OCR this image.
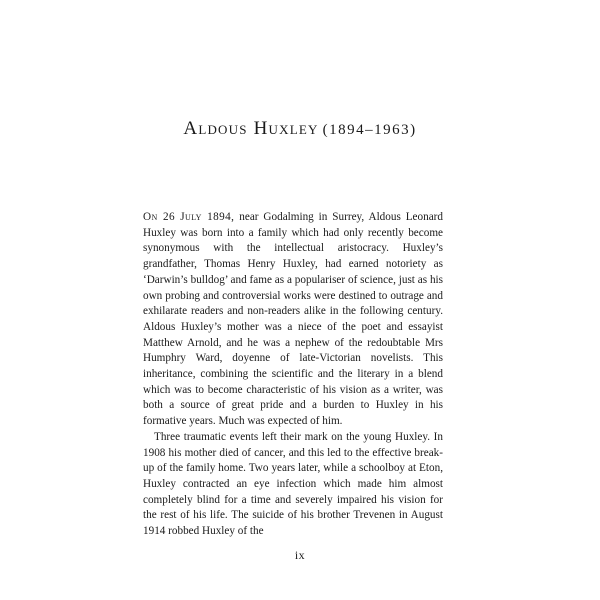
Aldous Huxley (1894–1963)

On 26 July 1894, near Godalming in Surrey, Aldous Leonard Huxley was born into a family which had only recently become synonymous with the intellectual aristocracy. Huxley’s grandfather, Thomas Henry Huxley, had earned notoriety as ‘Darwin’s bulldog’ and fame as a populariser of science, just as his own probing and controversial works were destined to outrage and exhilarate readers and non-readers alike in the following century. Aldous Huxley’s mother was a niece of the poet and essayist Matthew Arnold, and he was a nephew of the redoubtable Mrs Humphry Ward, doyenne of late-Victorian novelists. This inheritance, combining the scientific and the literary in a blend which was to become characteristic of his vision as a writer, was both a source of great pride and a burden to Huxley in his formative years. Much was expected of him.

Three traumatic events left their mark on the young Huxley. In 1908 his mother died of cancer, and this led to the effective break-up of the family home. Two years later, while a schoolboy at Eton, Huxley contracted an eye infection which made him almost completely blind for a time and severely impaired his vision for the rest of his life. The suicide of his brother Trevenen in August 1914 robbed Huxley of the

ix
